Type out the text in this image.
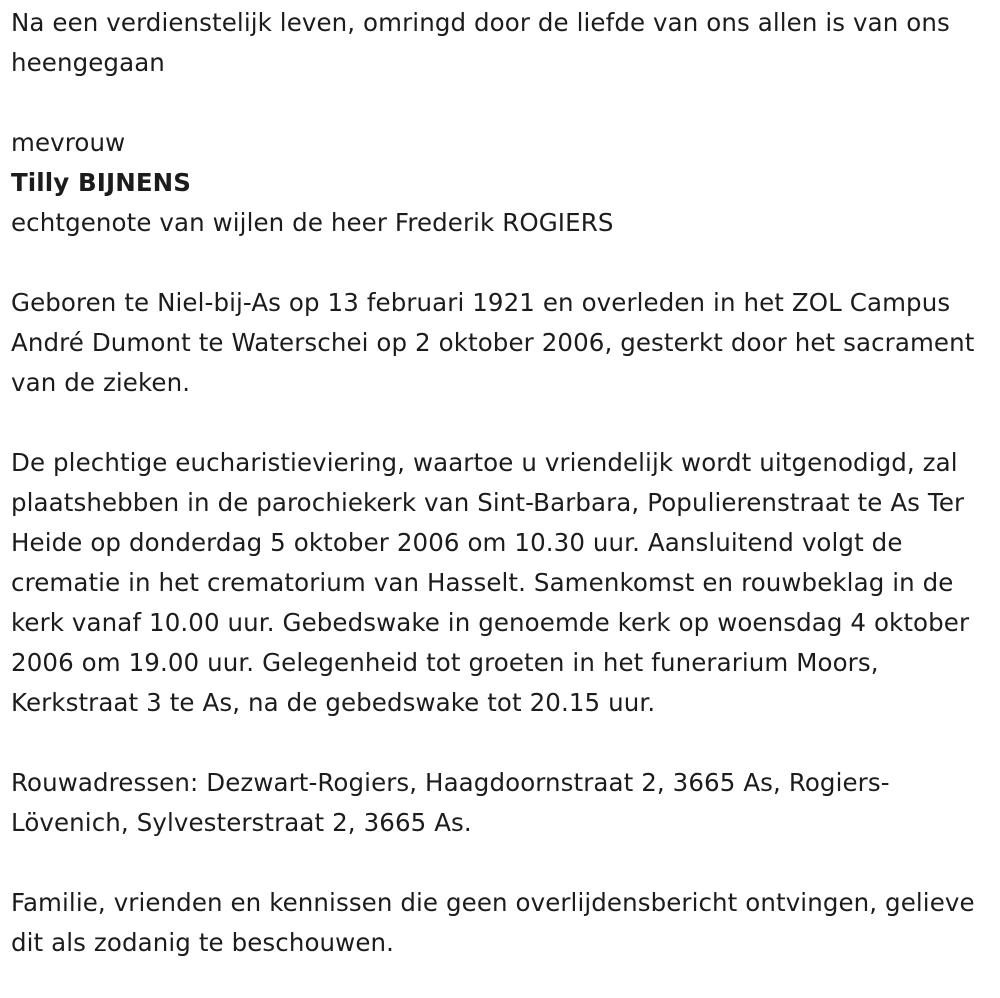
Na een verdienstelijk leven, omringd door de liefde van ons allen is van ons heengegaan

mevrouw

Tilly BIJNENS

echtgenote van wijlen de heer Frederik ROGIERS

Geboren te Niel-bij-As op 13 februari 1921 en overleden in het ZOL Campus André Dumont te Waterschei op 2 oktober 2006, gesterkt door het sacrament van de zieken.

De plechtige eucharistieviering, waartoe u vriendelijk wordt uitgenodigd, zal plaatshebben in de parochiekerk van Sint-Barbara, Populierenstraat te As Ter Heide op donderdag 5 oktober 2006 om 10.30 uur. Aansluitend volgt de crematie in het crematorium van Hasselt. Samenkomst en rouwbeklag in de kerk vanaf 10.00 uur. Gebedswake in genoemde kerk op woensdag 4 oktober 2006 om 19.00 uur. Gelegenheid tot groeten in het funerarium Moors, Kerkstraat 3 te As, na de gebedswake tot 20.15 uur.

Rouwadressen: Dezwart-Rogiers, Haagdoornstraat 2, 3665 As, Rogiers-Lövenich, Sylvesterstraat 2, 3665 As.

Familie, vrienden en kennissen die geen overlijdensbericht ontvingen, gelieve dit als zodanig te beschouwen.
